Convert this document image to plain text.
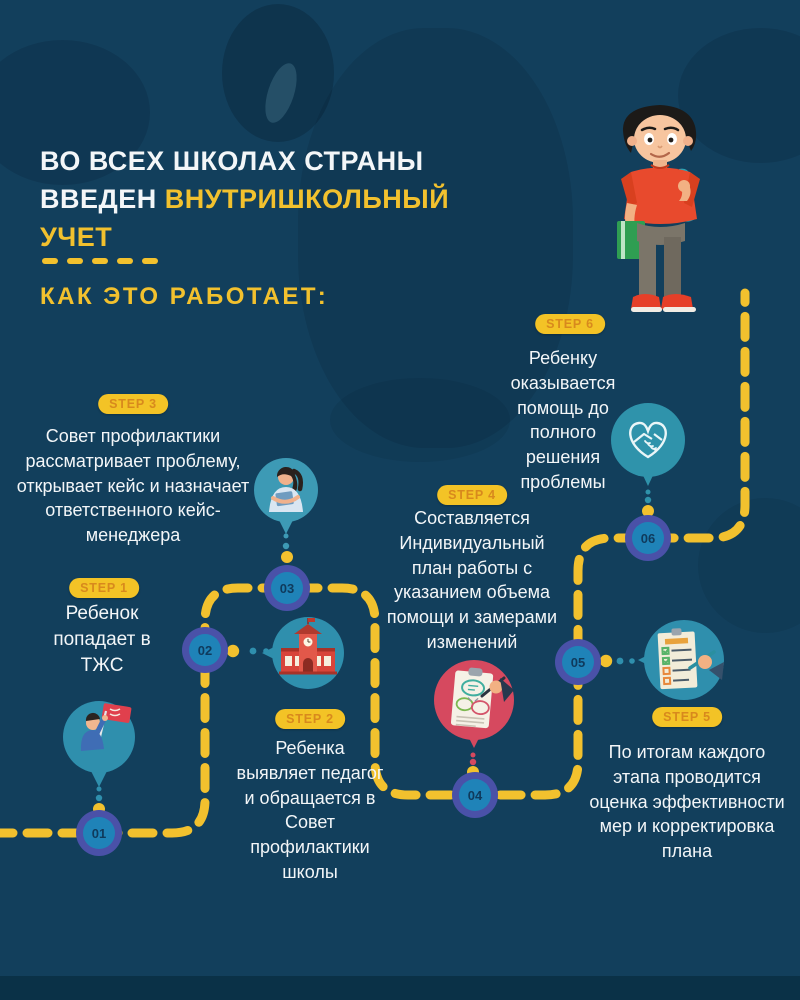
01
02
03
04
05
06
ВО ВСЕХ ШКОЛАХ СТРАНЫ
ВВЕДЕН ВНУТРИШКОЛЬНЫЙ
УЧЕТ
КАК ЭТО РАБОТАЕТ:
STEP 1
STEP 2
STEP 3
STEP 4
STEP 5
STEP 6
Ребенок попадает в ТЖС
Ребенка выявляет педагог и обращается в Совет профилактики школы
Совет профилактики рассматривает проблему, открывает кейс и назначает ответственного кейс-менеджера
Составляется Индивидуальный план работы с указанием объема помощи и замерами изменений
По итогам каждого этапа проводится оценка эффективности мер и корректировка плана
Ребенку оказывается помощь до полного решения проблемы
